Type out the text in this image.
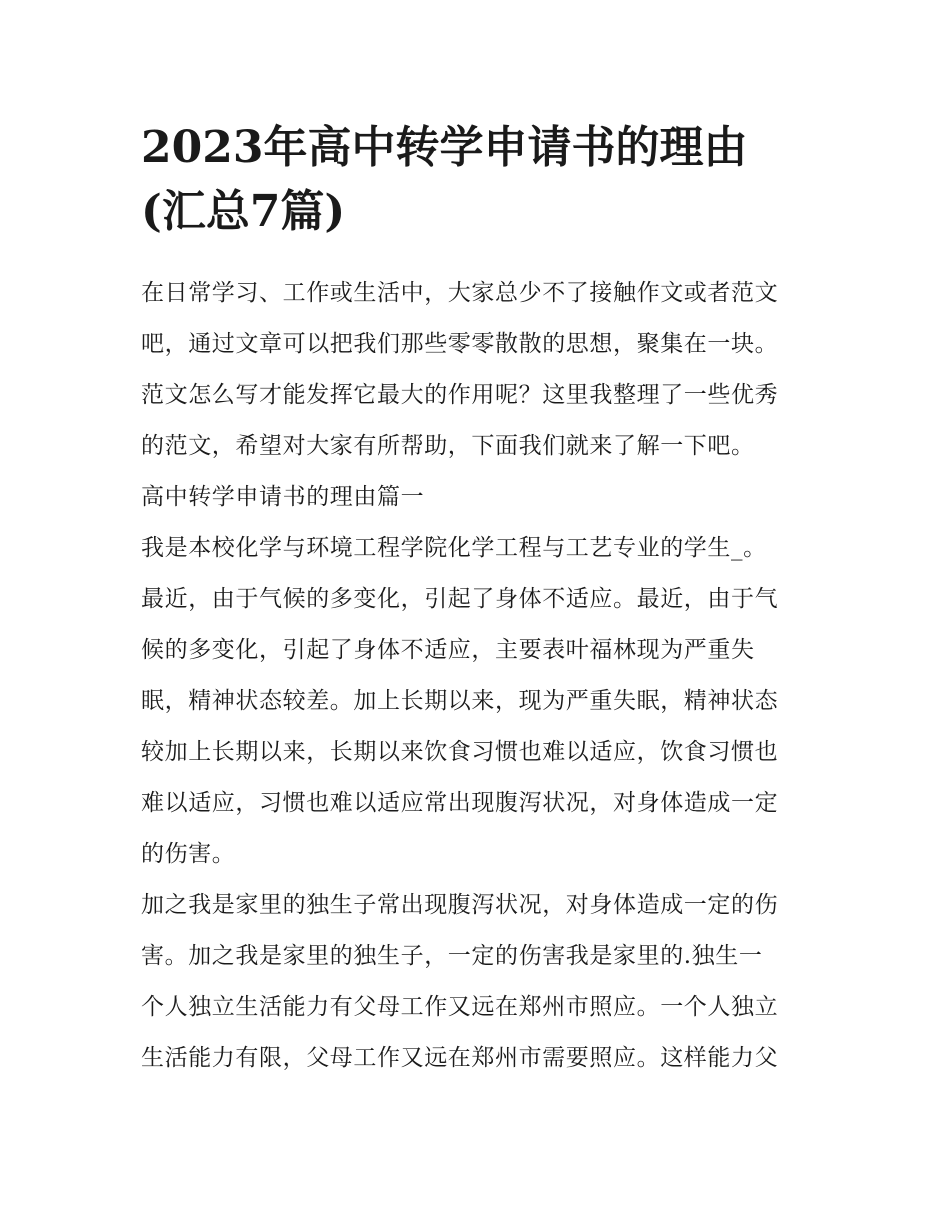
2023年高中转学申请书的理由
(汇总7篇)
在日常学习、工作或生活中，大家总少不了接触作文或者范文
吧，通过文章可以把我们那些零零散散的思想，聚集在一块。
范文怎么写才能发挥它最大的作用呢？这里我整理了一些优秀
的范文，希望对大家有所帮助，下面我们就来了解一下吧。
高中转学申请书的理由篇一
我是本校化学与环境工程学院化学工程与工艺专业的学生_。
最近，由于气候的多变化，引起了身体不适应。最近，由于气
候的多变化，引起了身体不适应，主要表叶福林现为严重失
眠，精神状态较差。加上长期以来，现为严重失眠，精神状态
较加上长期以来，长期以来饮食习惯也难以适应，饮食习惯也
难以适应，习惯也难以适应常出现腹泻状况，对身体造成一定
的伤害。
加之我是家里的独生子常出现腹泻状况，对身体造成一定的伤
害。加之我是家里的独生子，一定的伤害我是家里的.独生一
个人独立生活能力有父母工作又远在郑州市照应。一个人独立
生活能力有限，父母工作又远在郑州市需要照应。这样能力父
